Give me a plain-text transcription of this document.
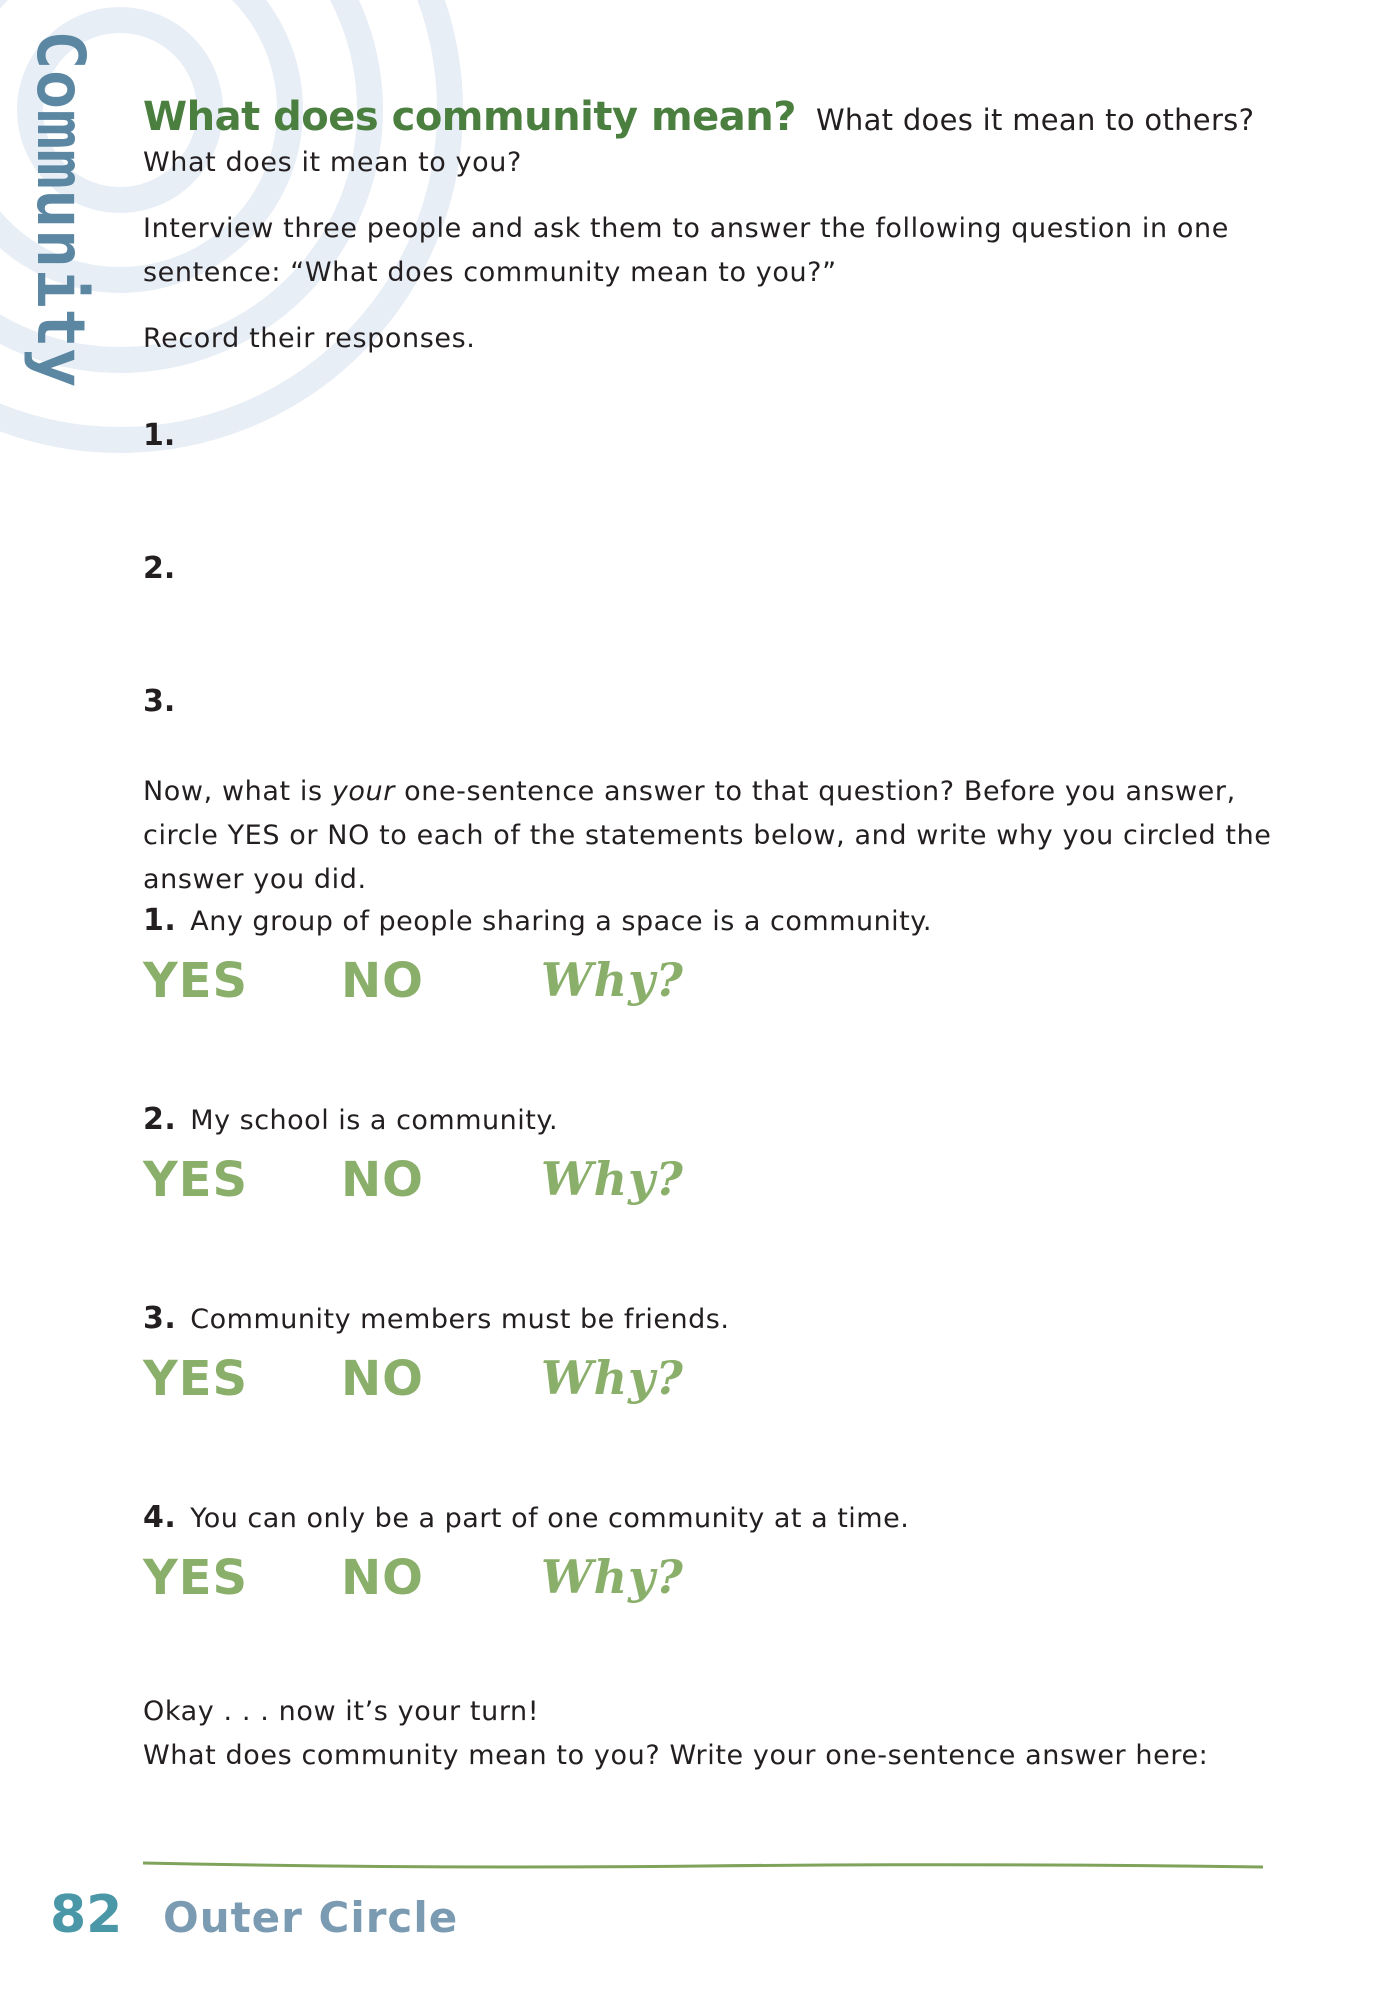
Community What does community mean? What does it mean to others?

What does it mean to you?

Interview three people and ask them to answer the following question in one sentence: “What does community mean to you?”

Record their responses.

1.
2.
3.

Now, what is your one-sentence answer to that question? Before you answer, circle YES or NO to each of the statements below, and write why you circled the answer you did.

1. Any group of people sharing a space is a community.
YES NO	Why?
2. My school is a community.
YES NO	Why?
3. Community members must be friends.
YES NO	Why?
4. You can only be a part of one community at a time.
YES NO	Why?

Okay . . . now it’s your turn!

What does community mean to you? Write your one-sentence answer here:

82 Outer Circle
